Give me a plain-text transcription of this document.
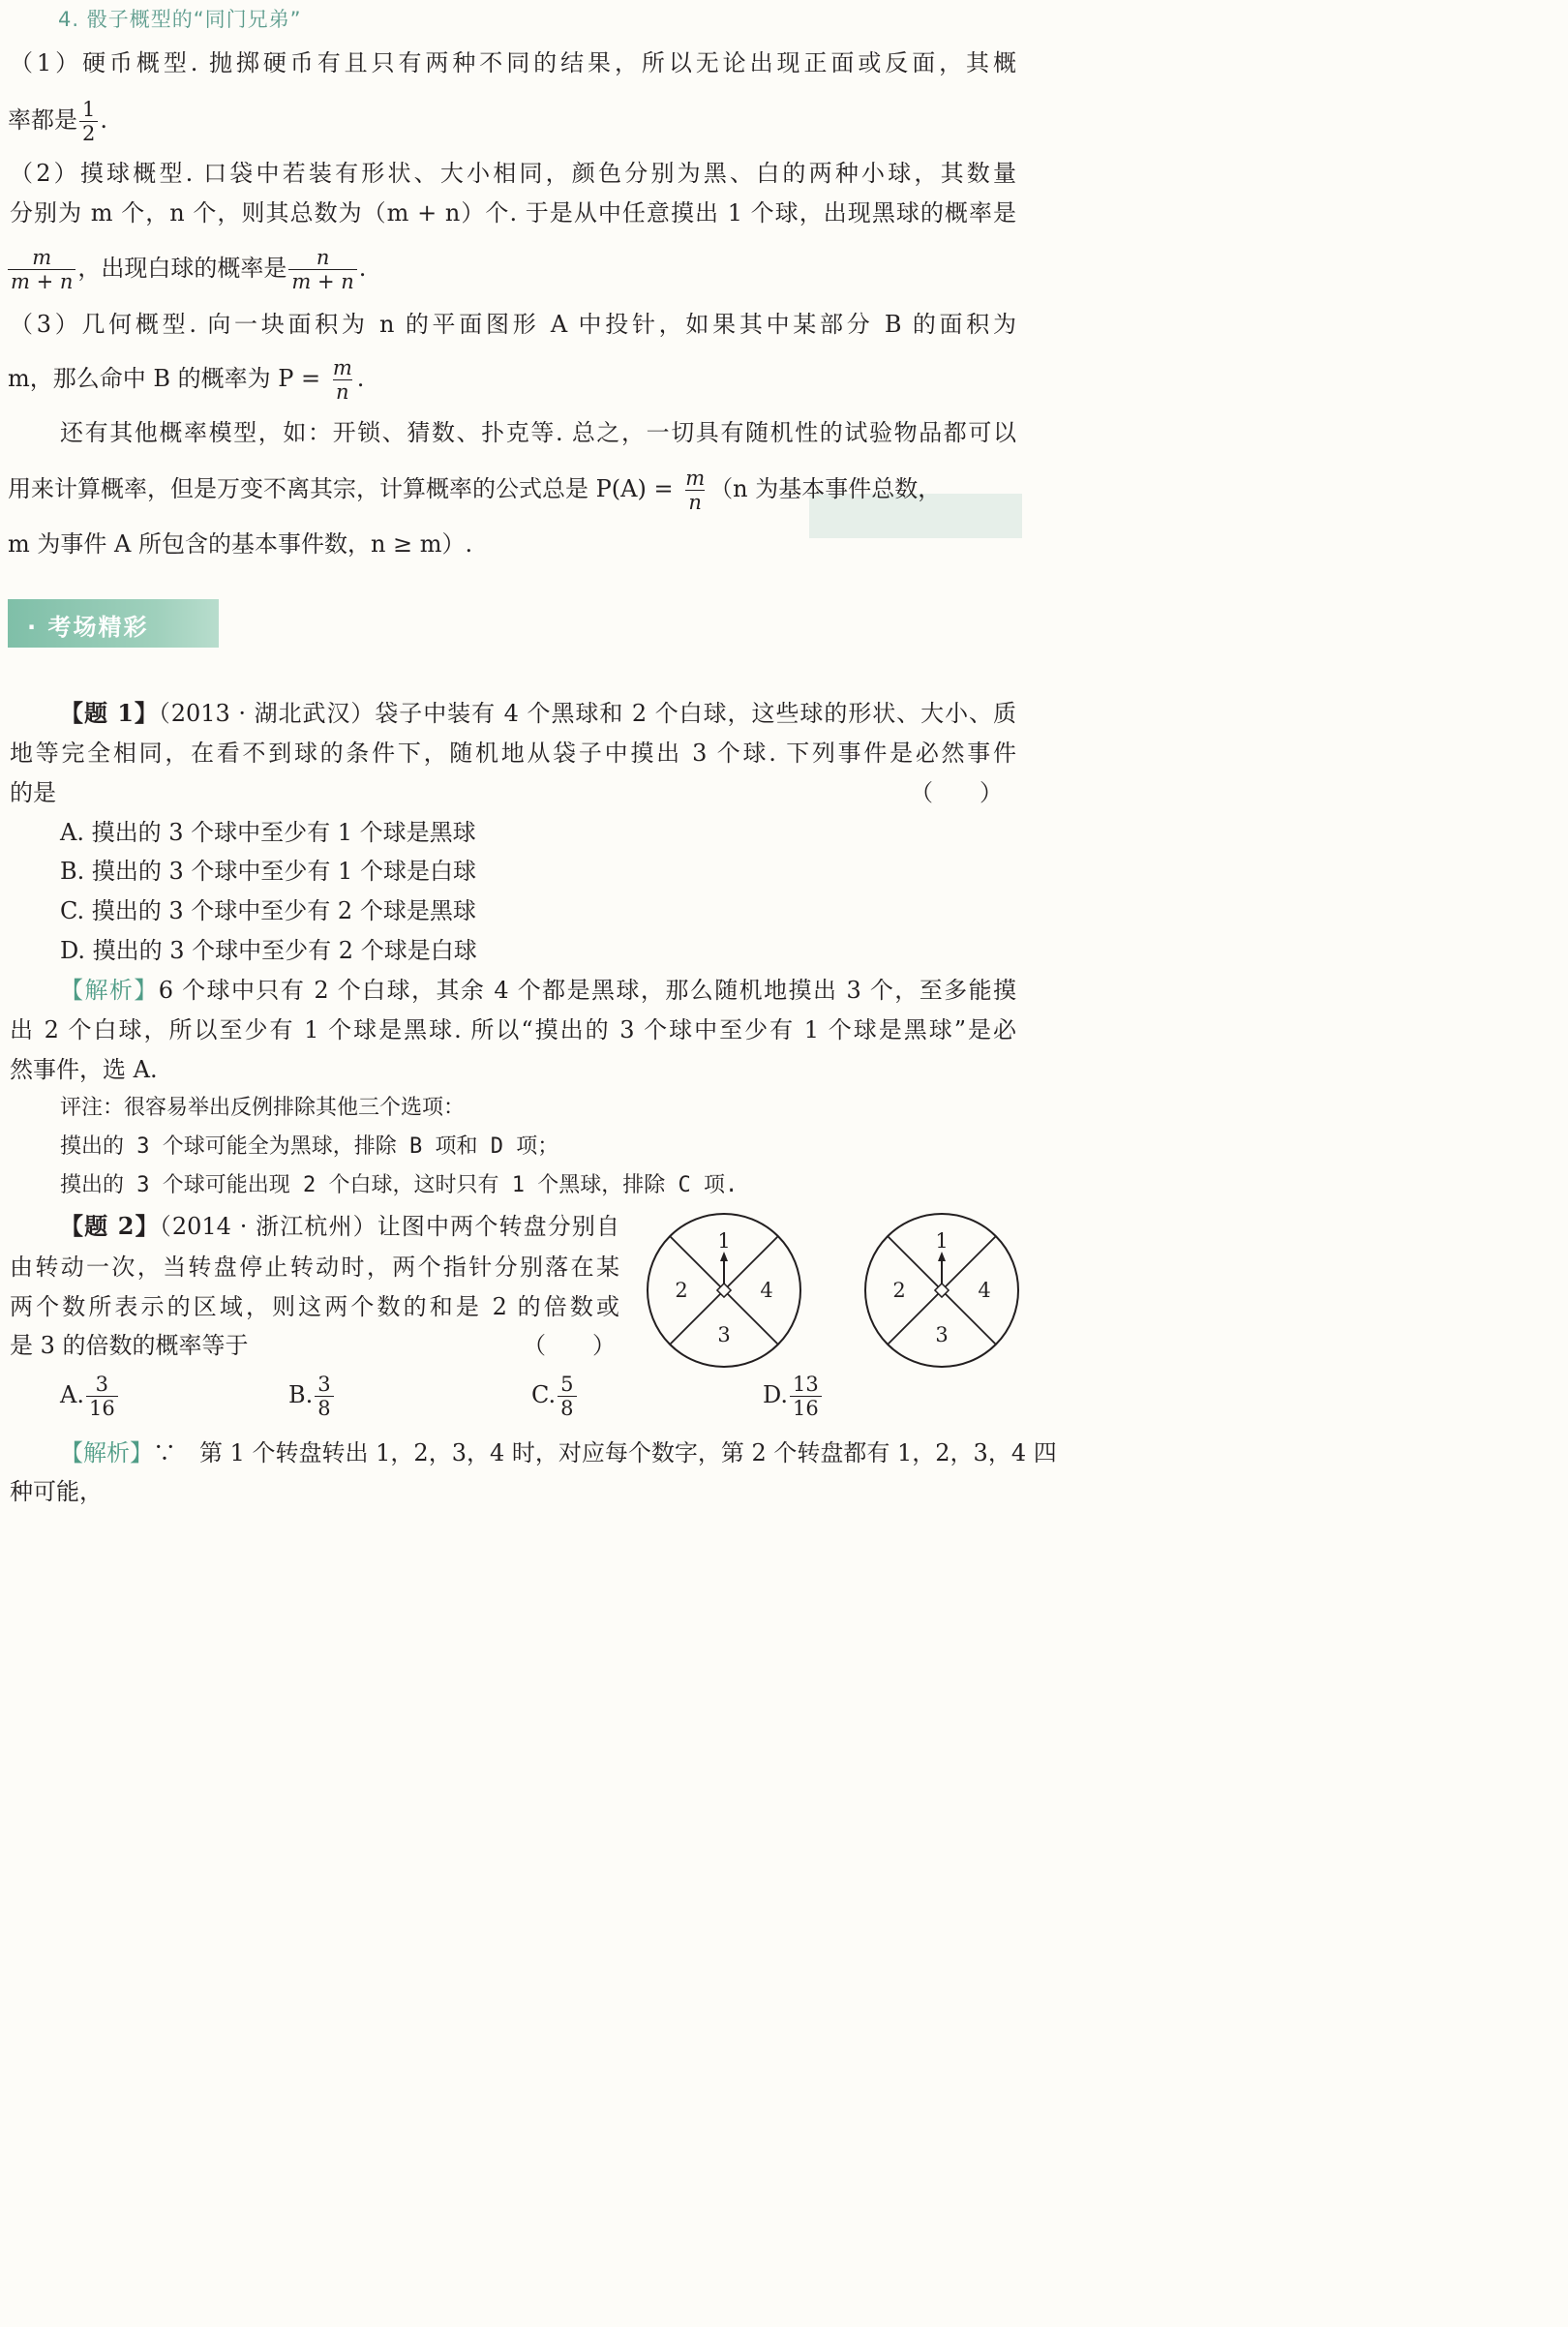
4. 骰子概型的“同门兄弟”
（1）硬币概型. 抛掷硬币有且只有两种不同的结果，所以无论出现正面或反面，其概
率都是 $\frac{1}{2}$ .
（2）摸球概型. 口袋中若装有形状、大小相同，颜色分别为黑、白的两种小球，其数量
分别为 m 个，n 个，则其总数为（m + n）个. 于是从中任意摸出 1 个球，出现黑球的概率是
$\frac{m}{m + n}$ ，出现白球的概率是 $\frac{n}{m + n}$ .
（3）几何概型. 向一块面积为 n 的平面图形 A 中投针，如果其中某部分 B 的面积为
m，那么命中 B 的概率为 $P = \frac{m}{n}$ .
还有其他概率模型，如：开锁、猜数、扑克等. 总之，一切具有随机性的试验物品都可以
用来计算概率，但是万变不离其宗，计算概率的公式总是 $P(A) = \frac{m}{n} (n$ 为基本事件总数，
m 为事件 A 所包含的基本事件数，n ≥ m）.
· 考场精彩
【题 1】（2013 · 湖北武汉）袋子中装有 4 个黑球和 2 个白球，这些球的形状、大小、质
地等完全相同，在看不到球的条件下，随机地从袋子中摸出 3 个球. 下列事件是必然事件
的是	（　　）
A. 摸出的 3 个球中至少有 1 个球是黑球
B. 摸出的 3 个球中至少有 1 个球是白球
C. 摸出的 3 个球中至少有 2 个球是黑球
D. 摸出的 3 个球中至少有 2 个球是白球
【解析】6 个球中只有 2 个白球，其余 4 个都是黑球，那么随机地摸出 3 个，至多能摸
出 2 个白球，所以至少有 1 个球是黑球. 所以“摸出的 3 个球中至少有 1 个球是黑球”是必
然事件，选 A.
评注：很容易举出反例排除其他三个选项：
摸出的 3 个球可能全为黑球，排除 B 项和 D 项；
摸出的 3 个球可能出现 2 个白球，这时只有 1 个黑球，排除 C 项.
【题 2】（2014 · 浙江杭州）让图中两个转盘分别自
由转动一次，当转盘停止转动时，两个指针分别落在某
两个数所表示的区域，则这两个数的和是 2 的倍数或
是 3 的倍数的概率等于	（　　）
1
2
3
4
1
2
3
4
A. $\frac{3}{16}$	B. $\frac{3}{8}$	C. $\frac{5}{8}$	D. $\frac{13}{16}$
【解析】∵　第 1 个转盘转出 1，2，3，4 时，对应每个数字，第 2 个转盘都有 1，2，3，4 四
种可能，
